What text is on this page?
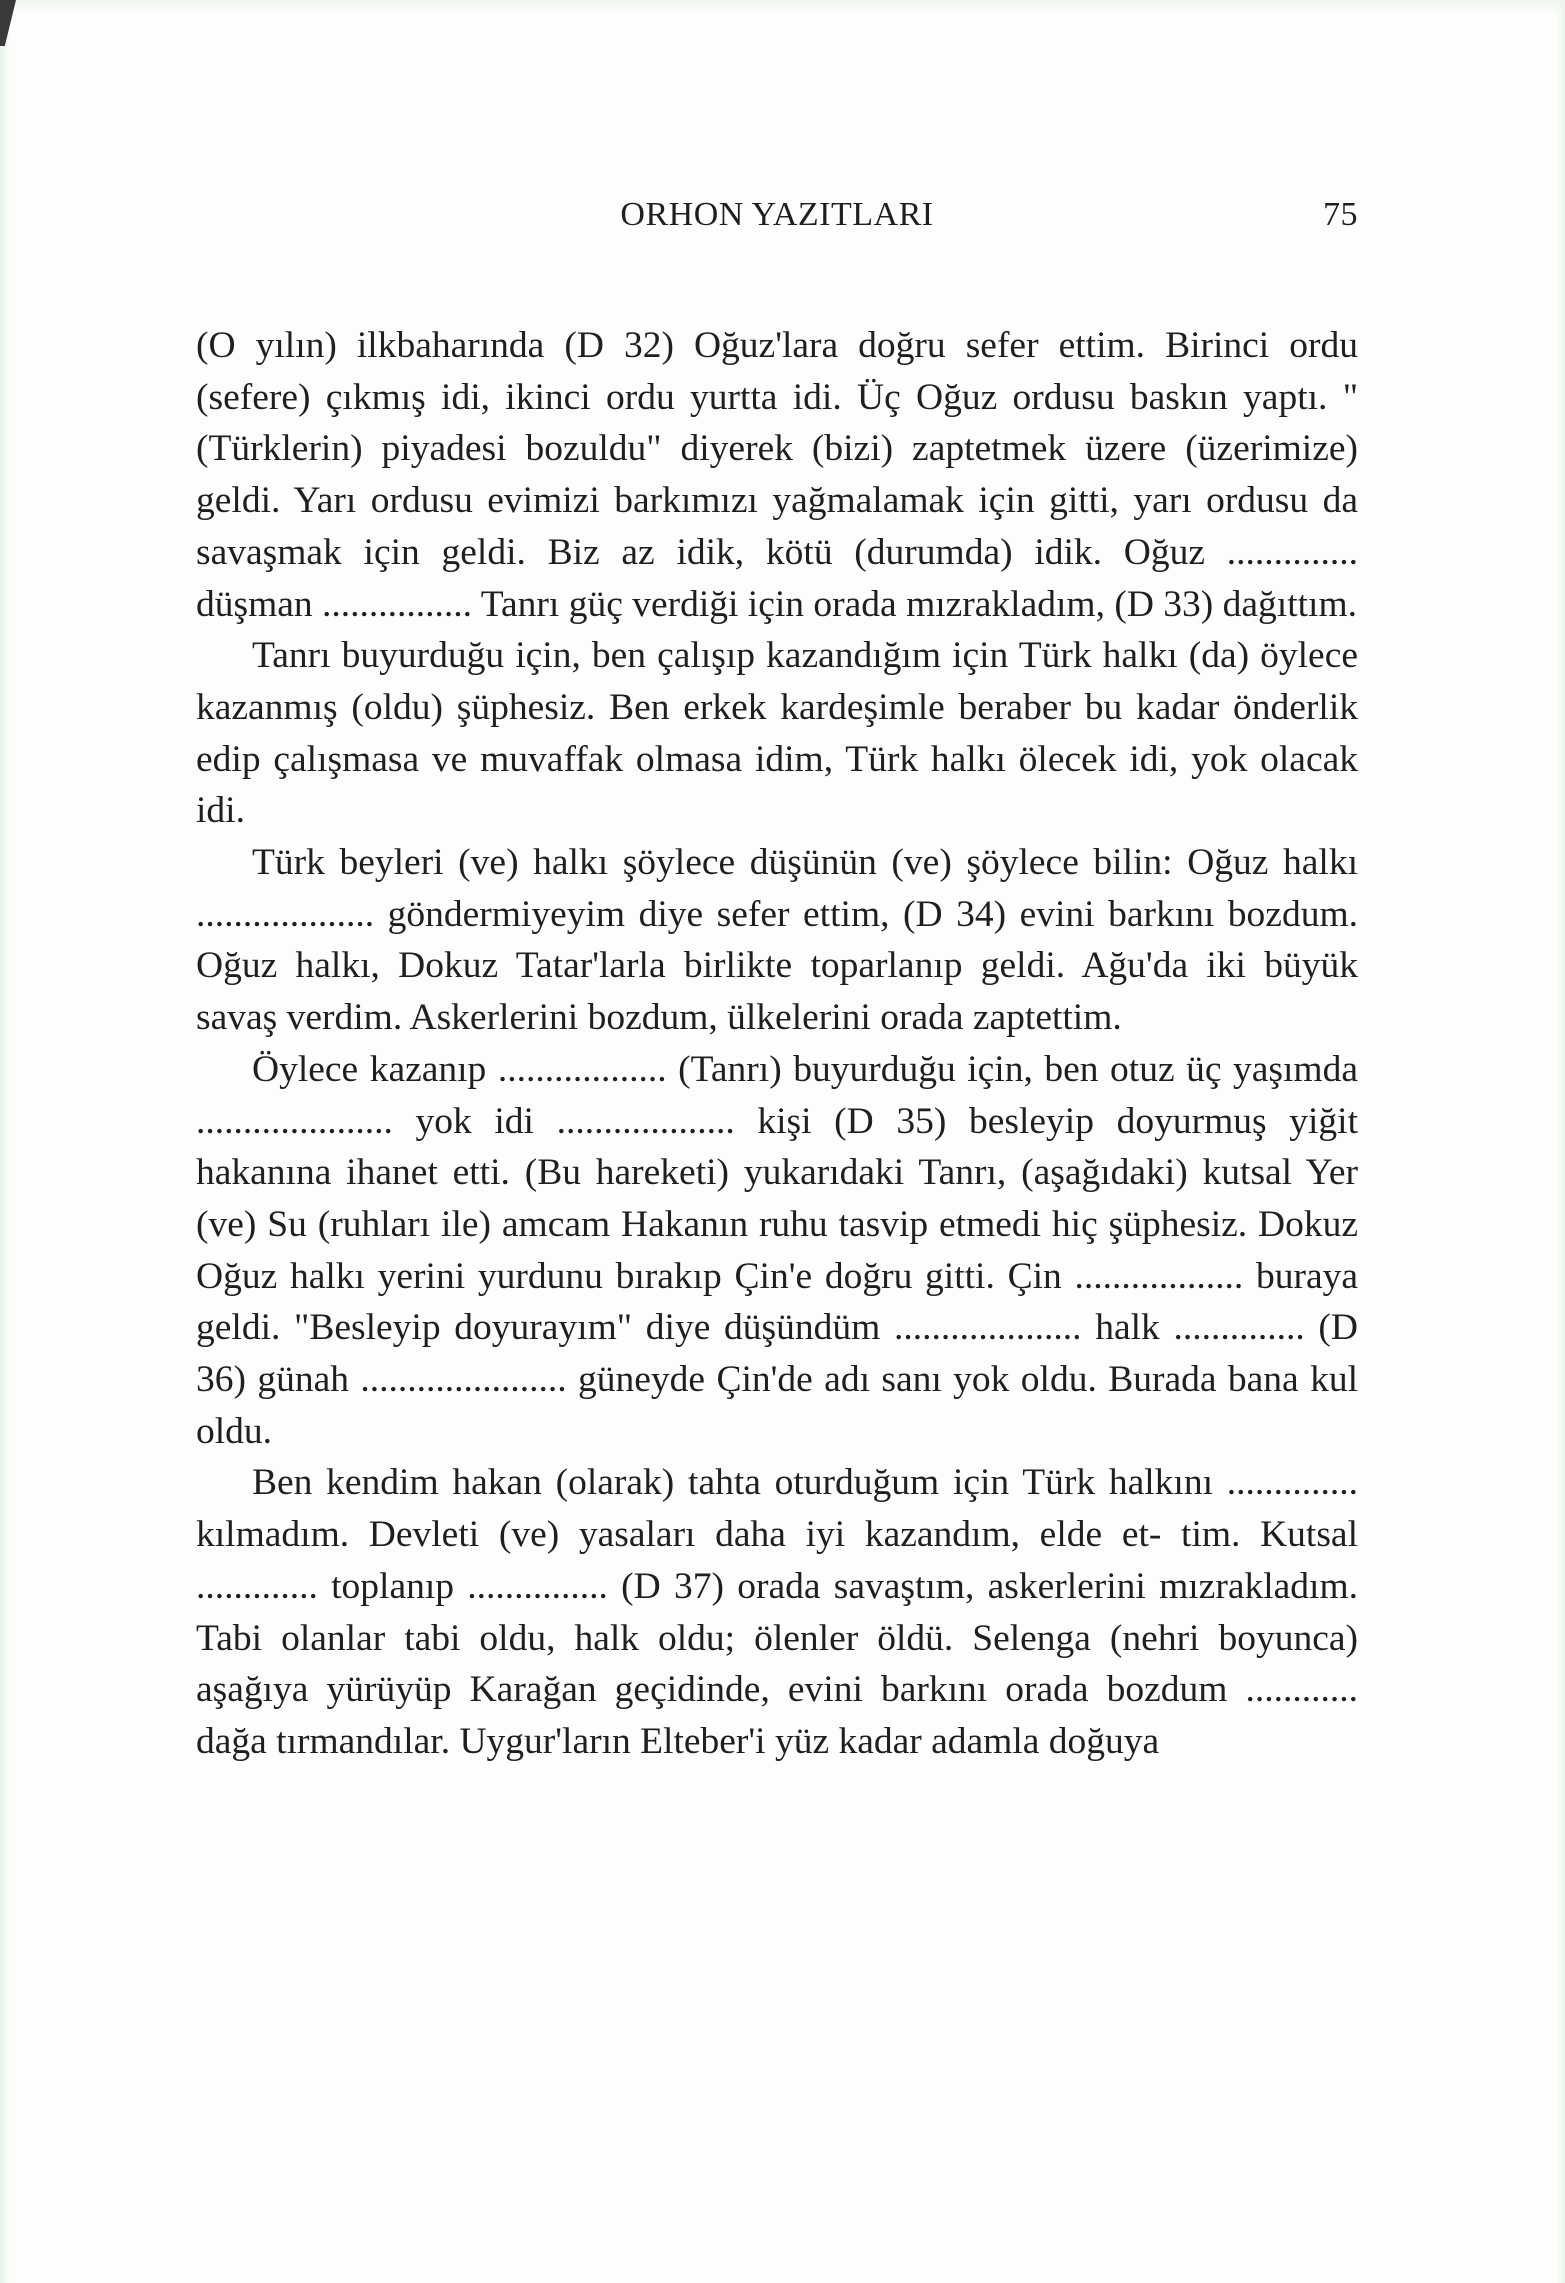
ORHON YAZITLARI	75

(O yılın) ilkbaharında (D 32) Oğuz'lara doğru sefer ettim. Birinci ordu (sefere) çıkmış idi, ikinci ordu yurtta idi. Üç Oğuz ordusu baskın yaptı. "(Türklerin) piyadesi bozuldu" diyerek (bizi) zaptetmek üzere (üzerimize) geldi. Yarı ordusu evimizi barkımızı yağmalamak için gitti, yarı ordusu da savaşmak için geldi. Biz az idik, kötü (durumda) idik. Oğuz .............. düşman ................ Tanrı güç verdiği için orada mızrakladım, (D 33) dağıttım.

Tanrı buyurduğu için, ben çalışıp kazandığım için Türk halkı (da) öylece kazanmış (oldu) şüphesiz. Ben erkek kardeşimle beraber bu kadar önderlik edip çalışmasa ve muvaffak olmasa idim, Türk halkı ölecek idi, yok olacak idi.

Türk beyleri (ve) halkı şöylece düşünün (ve) şöylece bilin: Oğuz halkı ................... göndermiyeyim diye sefer ettim, (D 34) evini barkını bozdum. Oğuz halkı, Dokuz Tatar'larla birlikte toparlanıp geldi. Ağu'da iki büyük savaş verdim. Askerlerini bozdum, ülkelerini orada zaptettim.

Öylece kazanıp .................. (Tanrı) buyurduğu için, ben otuz üç yaşımda ..................... yok idi ................... kişi (D 35) besleyip doyurmuş yiğit hakanına ihanet etti. (Bu hareketi) yukarıdaki Tanrı, (aşağıdaki) kutsal Yer (ve) Su (ruhları ile) amcam Hakanın ruhu tasvip etmedi hiç şüphesiz. Dokuz Oğuz halkı yerini yurdunu bırakıp Çin'e doğru gitti. Çin .................. buraya geldi. "Besleyip doyurayım" diye düşündüm .................... halk .............. (D 36) günah ...................... güneyde Çin'de adı sanı yok oldu. Burada bana kul oldu.

Ben kendim hakan (olarak) tahta oturduğum için Türk halkını .............. kılmadım. Devleti (ve) yasaları daha iyi kazandım, elde et- tim. Kutsal ............. toplanıp ............... (D 37) orada savaştım, askerlerini mızrakladım. Tabi olanlar tabi oldu, halk oldu; ölenler öldü. Selenga (nehri boyunca) aşağıya yürüyüp Karağan geçidinde, evini barkını orada bozdum ............ dağa tırmandılar. Uygur'ların Elteber'i yüz kadar adamla doğuya
